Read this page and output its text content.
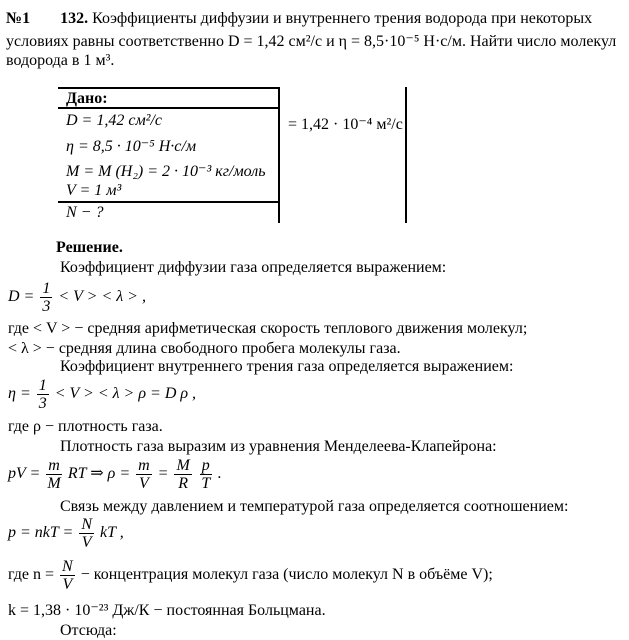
№1 132. Коэффициенты диффузии и внутреннего трения водорода при некоторых
условиях равны соответственно D = 1,42 см²/с и η = 8,5·10⁻⁵ Н·с/м. Найти число молекул
водорода в 1 м³.
Дано:
D = 1,42 см²/с	= 1,42 · 10⁻⁴ м²/с
η = 8,5 · 10⁻⁵ Н·с/м
M = M (H₂) = 2 · 10⁻³ кг/моль
V = 1 м³
N − ?
Решение.
Коэффициент диффузии газа определяется выражением:
$D = \frac{1}{3} < V$ > < λ > ,
где < V > − средняя арифметическая скорость теплового движения молекул;
< λ > − средняя длина свободного пробега молекулы газа.
Коэффициент внутреннего трения газа определяется выражением:
$\eta = \frac{1}{3} < V$ > < λ > ρ = D ρ ,
где ρ − плотность газа.
Плотность газа выразим из уравнения Менделеева-Клапейрона:
pV = $\frac{m}{M}$ RT ⇒ $\rho = \frac{m}{V} = \frac{M}{R}$
$\frac{p}{T}$ .
Связь между давлением и температурой газа определяется соотношением:
p = nkT = $\frac{N}{V}$ kT ,
где $n = \frac{N}{V}$ − концентрация молекул газа (число молекул N в объёме V);
k = 1,38 · 10⁻²³ Дж/К − постоянная Больцмана.
Отсюда:
